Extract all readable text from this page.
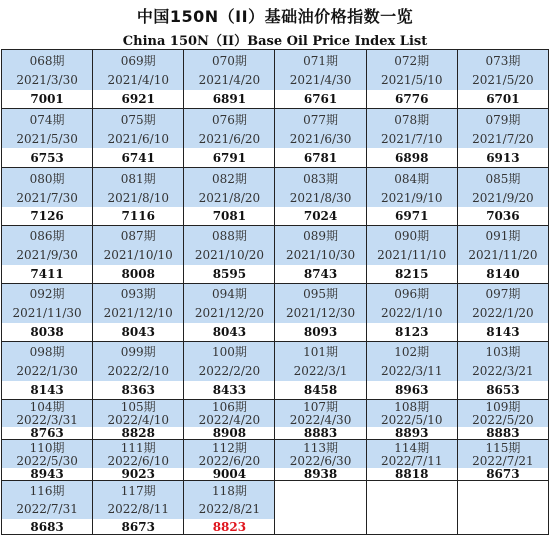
中国150N（II）基础油价格指数一览
China 150N（II）Base Oil Price Index List
068期	069期	070期	071期	072期	073期
2021/3/30	2021/4/10	2021/4/20	2021/4/30	2021/5/10	2021/5/20
7001	6921	6891	6761	6776	6701
074期	075期	076期	077期	078期	079期
2021/5/30	2021/6/10	2021/6/20	2021/6/30	2021/7/10	2021/7/20
6753	6741	6791	6781	6898	6913
080期	081期	082期	083期	084期	085期
2021/7/30	2021/8/10	2021/8/20	2021/8/30	2021/9/10	2021/9/20
7126	7116	7081	7024	6971	7036
086期	087期	088期	089期	090期	091期
2021/9/30	2021/10/10	2021/10/20	2021/10/30	2021/11/10	2021/11/20
7411	8008	8595	8743	8215	8140
092期	093期	094期	095期	096期	097期
2021/11/30	2021/12/10	2021/12/20	2021/12/30	2022/1/10	2022/1/20
8038	8043	8043	8093	8123	8143
098期	099期	100期	101期	102期	103期
2022/1/30	2022/2/10	2022/2/20	2022/3/1	2022/3/11	2022/3/21
8143	8363	8433	8458	8963	8653
104期	105期	106期	107期	108期	109期
2022/3/31	2022/4/10	2022/4/20	2022/4/30	2022/5/10	2022/5/20
8763	8828	8908	8883	8893	8883
110期	111期	112期	113期	114期	115期
2022/5/30	2022/6/10	2022/6/20	2022/6/30	2022/7/11	2022/7/21
8943	9023	9004	8938	8818	8673
116期	117期	118期
2022/7/31	2022/8/11	2022/8/21
8683	8673	8823
